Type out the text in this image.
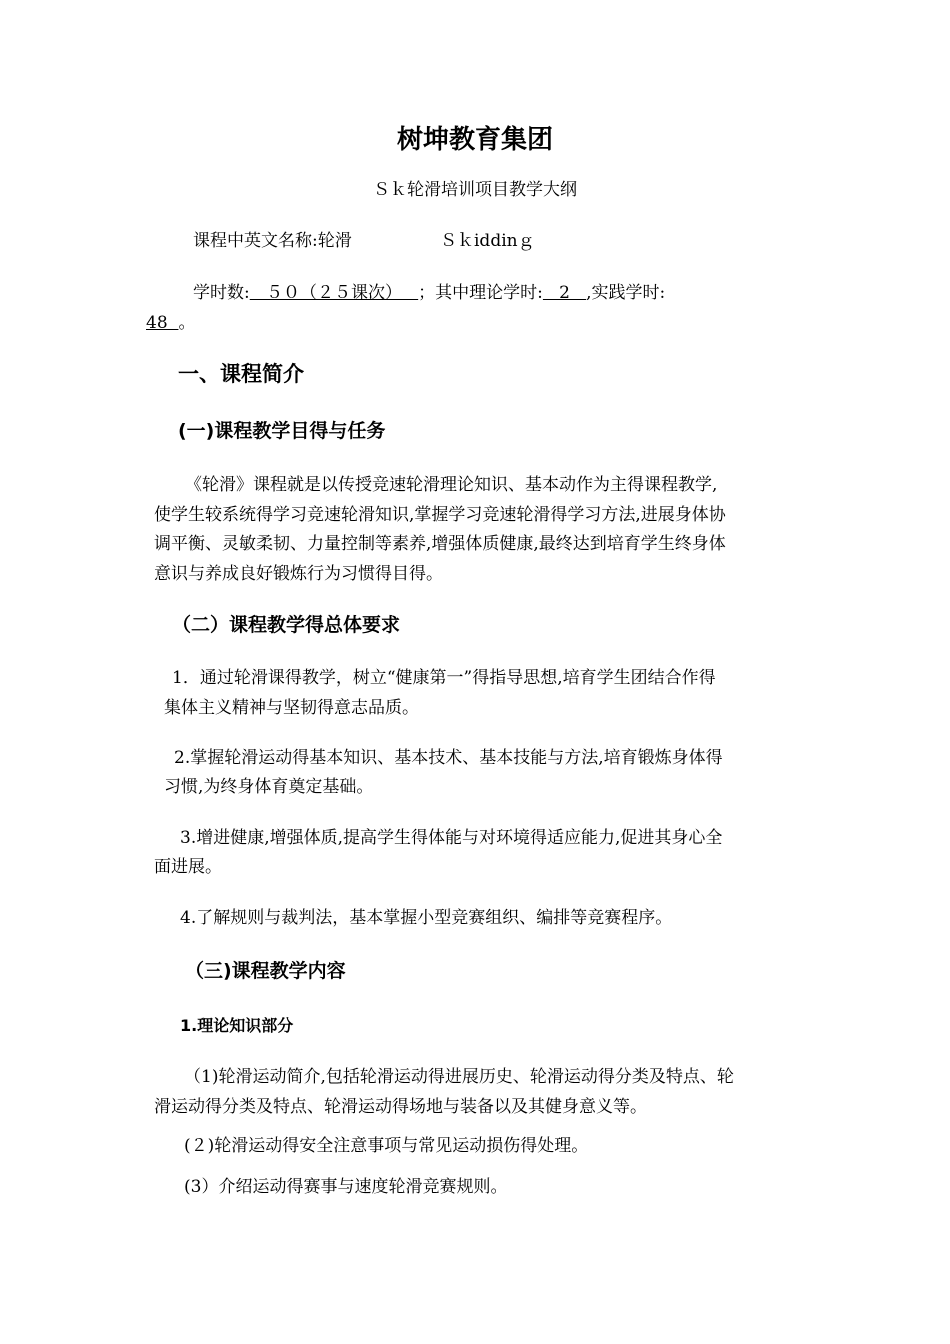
树坤教育集团
Ｓｋ轮滑培训项目教学大纲
课程中英文名称:轮滑	Ｓｋiddinｇ
学时数:   ５０（２５课次）   ；其中理论学时:   2   ,实践学时:
48  。
一、课程简介
(一)课程教学目得与任务
《轮滑》课程就是以传授竞速轮滑理论知识、基本动作为主得课程教学,
使学生较系统得学习竞速轮滑知识,掌握学习竞速轮滑得学习方法,进展身体协
调平衡、灵敏柔韧、力量控制等素养,增强体质健康,最终达到培育学生终身体
意识与养成良好锻炼行为习惯得目得。
（二）课程教学得总体要求
1．通过轮滑课得教学，树立“健康第一”得指导思想,培育学生团结合作得
集体主义精神与坚韧得意志品质。
2.掌握轮滑运动得基本知识、基本技术、基本技能与方法,培育锻炼身体得
习惯,为终身体育奠定基础。
3.增进健康,增强体质,提高学生得体能与对环境得适应能力,促进其身心全
面进展。
4.了解规则与裁判法，基本掌握小型竞赛组织、编排等竞赛程序。
（三)课程教学内容
1.理论知识部分
（1)轮滑运动简介,包括轮滑运动得进展历史、轮滑运动得分类及特点、轮
滑运动得分类及特点、轮滑运动得场地与装备以及其健身意义等。
(２)轮滑运动得安全注意事项与常见运动损伤得处理。
(3）介绍运动得赛事与速度轮滑竞赛规则。
